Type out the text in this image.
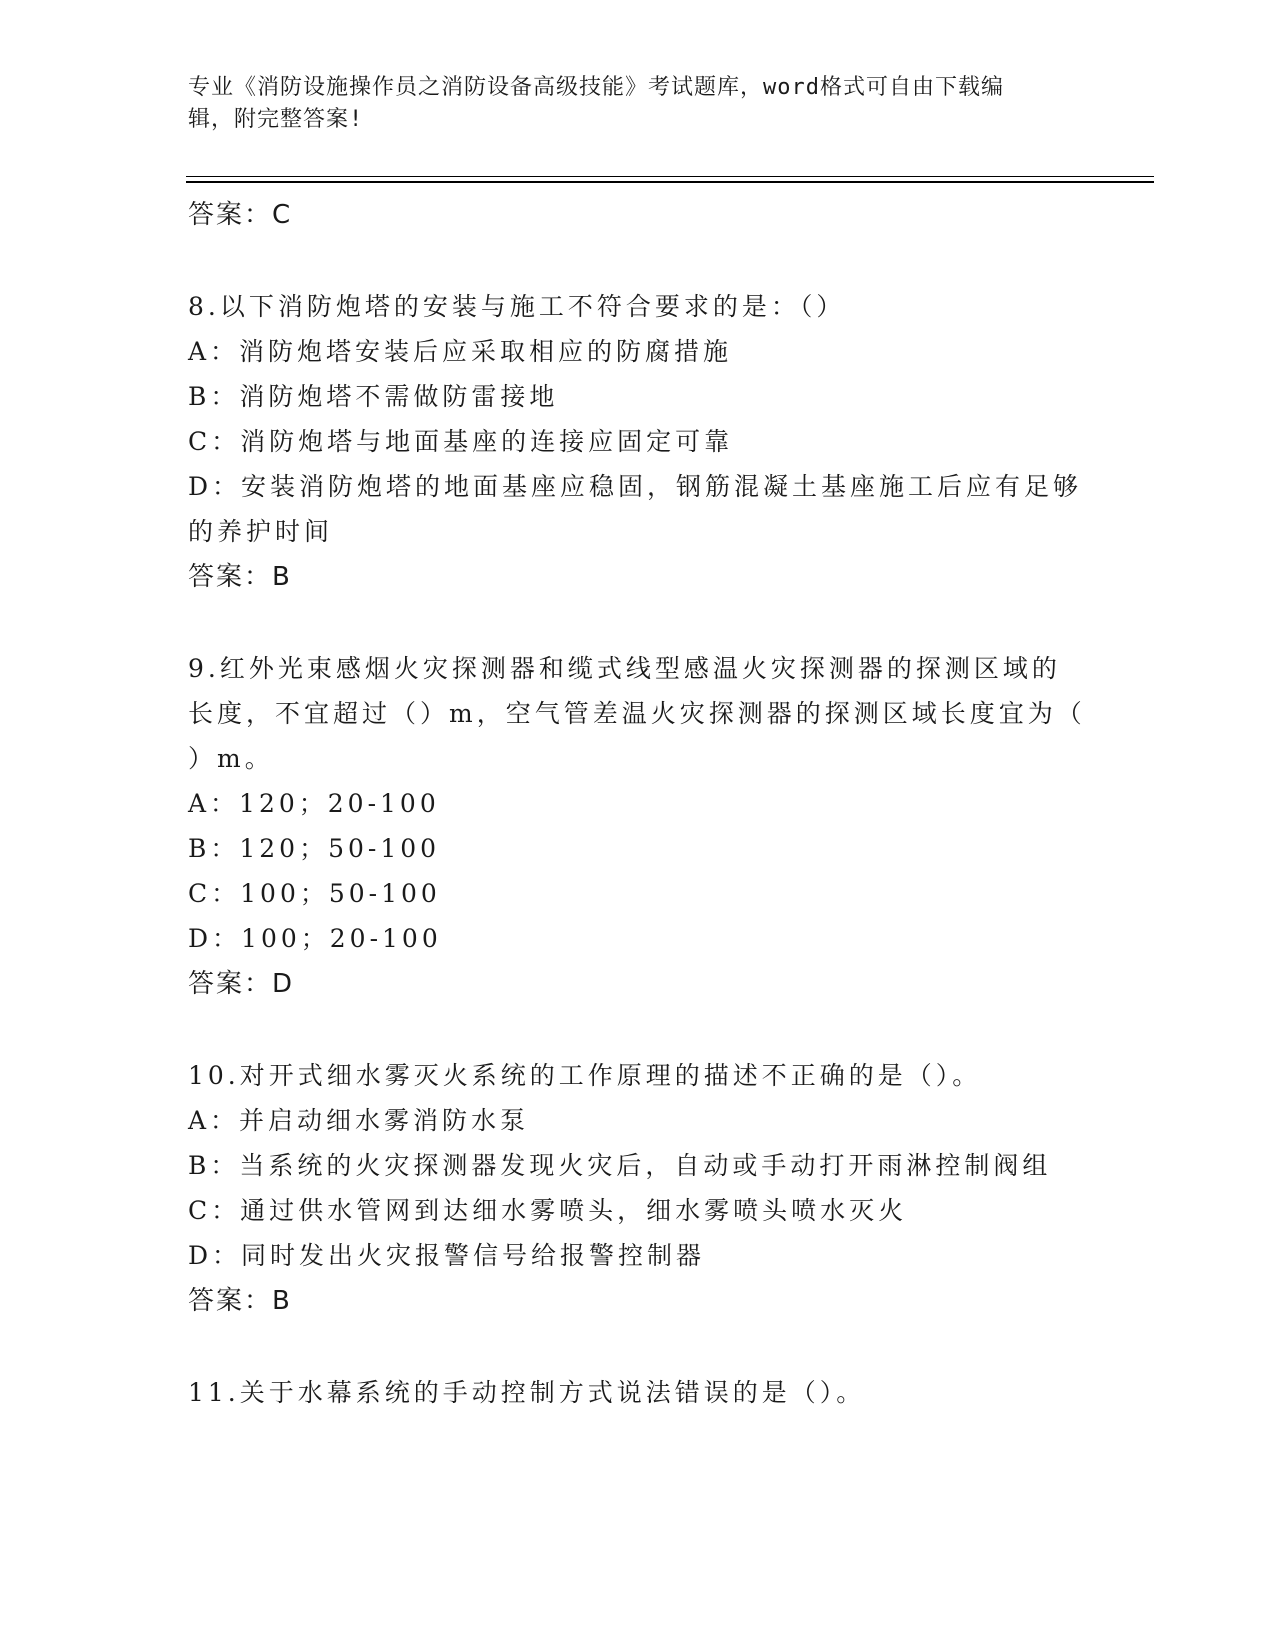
专业《消防设施操作员之消防设备高级技能》考试题库，word格式可自由下载编
辑，附完整答案!
答案：C
8.以下消防炮塔的安装与施工不符合要求的是：（）
A：消防炮塔安装后应采取相应的防腐措施
B：消防炮塔不需做防雷接地
C：消防炮塔与地面基座的连接应固定可靠
D：安装消防炮塔的地面基座应稳固，钢筋混凝土基座施工后应有足够
的养护时间
答案：B
9.红外光束感烟火灾探测器和缆式线型感温火灾探测器的探测区域的
长度，不宜超过（）m，空气管差温火灾探测器的探测区域长度宜为（
）m。
A：120；20-100
B：120；50-100
C：100；50-100
D：100；20-100
答案：D
10.对开式细水雾灭火系统的工作原理的描述不正确的是（）。
A：并启动细水雾消防水泵
B：当系统的火灾探测器发现火灾后，自动或手动打开雨淋控制阀组
C：通过供水管网到达细水雾喷头，细水雾喷头喷水灭火
D：同时发出火灾报警信号给报警控制器
答案：B
11.关于水幕系统的手动控制方式说法错误的是（）。
